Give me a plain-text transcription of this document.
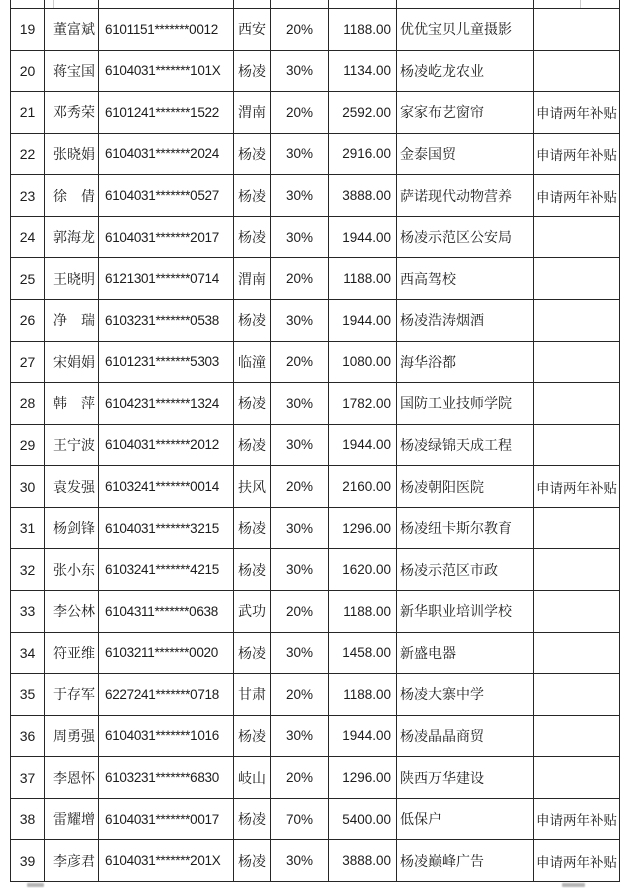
19	董富斌 6101151*******0012	西安	20%	1188.00 优优宝贝儿童摄影
20	蒋宝国 6104031*******101X	杨凌	30%	1134.00 杨凌屹龙农业
21	邓秀荣 6101241*******1522	渭南	20%	2592.00 家家布艺窗帘	申请两年补贴
22	张晓娟 6104031*******2024	杨凌	30%	2916.00 金泰国贸	申请两年补贴
23	徐　倩 6104031*******0527	杨凌	30%	3888.00 萨诺现代动物营养	申请两年补贴
24	郭海龙 6104031*******2017	杨凌	30%	1944.00 杨凌示范区公安局
25	王晓明 6121301*******0714	渭南	20%	1188.00 西高驾校
26	净　瑞 6103231*******0538	杨凌	30%	1944.00 杨凌浩涛烟酒
27	宋娟娟 6101231*******5303	临潼	20%	1080.00 海华浴都
28	韩　萍 6104231*******1324	杨凌	30%	1782.00 国防工业技师学院
29	王宁波 6104031*******2012	杨凌	30%	1944.00 杨凌绿锦天成工程
30	袁发强 6103241*******0014	扶风	20%	2160.00 杨凌朝阳医院	申请两年补贴
31	杨剑锋 6104031*******3215	杨凌	30%	1296.00 杨凌纽卡斯尔教育
32	张小东 6103241*******4215	杨凌	30%	1620.00 杨凌示范区市政
33	李公林 6104311*******0638	武功	20%	1188.00 新华职业培训学校
34	符亚维 6103211*******0020	杨凌	30%	1458.00 新盛电器
35	于存军 6227241*******0718	甘肃	20%	1188.00 杨凌大寨中学
36	周勇强 6104031*******1016	杨凌	30%	1944.00 杨凌晶晶商贸
37	李恩怀 6103231*******6830	岐山	20%	1296.00 陕西万华建设
38	雷耀增 6104031*******0017	杨凌	70%	5400.00 低保户	申请两年补贴
39	李彦君 6104031*******201X	杨凌	30%	3888.00 杨凌巅峰广告	申请两年补贴
